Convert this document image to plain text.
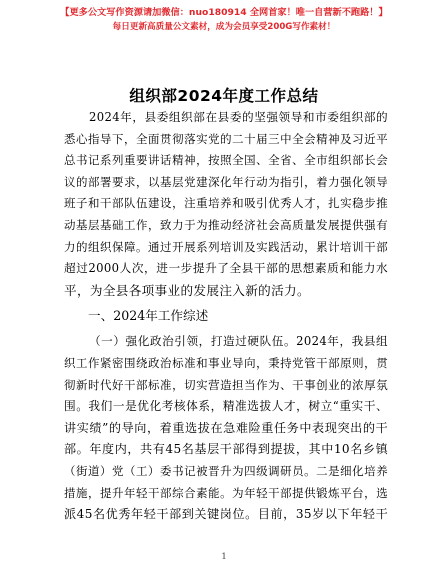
【更多公文写作资源请加微信：nuo180914 全网首家！唯一自营新不跑路！】
每日更新高质量公文素材，成为会员享受200G写作素材！
组织部2024年度工作总结

2024年，县委组织部在县委的坚强领导和市委组织部的
悉心指导下，全面贯彻落实党的二十届三中全会精神及习近平
总书记系列重要讲话精神，按照全国、全省、全市组织部长会
议的部署要求，以基层党建深化年行动为指引，着力强化领导
班子和干部队伍建设，注重培养和吸引优秀人才，扎实稳步推
动基层基础工作，致力于为推动经济社会高质量发展提供强有
力的组织保障。通过开展系列培训及实践活动，累计培训干部
超过2000人次，进一步提升了全县干部的思想素质和能力水
平，为全县各项事业的发展注入新的活力。

一、2024年工作综述

（一）强化政治引领，打造过硬队伍。2024年，我县组
织工作紧密围绕政治标准和事业导向，秉持党管干部原则，贯
彻新时代好干部标准，切实营造担当作为、干事创业的浓厚氛
围。我们一是优化考核体系，精准选拔人才，树立“重实干、
讲实绩”的导向，着重选拔在急难险重任务中表现突出的干
部。年度内，共有45名基层干部得到提拔，其中10名乡镇
（街道）党（工）委书记被晋升为四级调研员。二是细化培养
措施，提升年轻干部综合素能。为年轻干部提供锻炼平台，选
派45名优秀年轻干部到关键岗位。目前，35岁以下年轻干

1
